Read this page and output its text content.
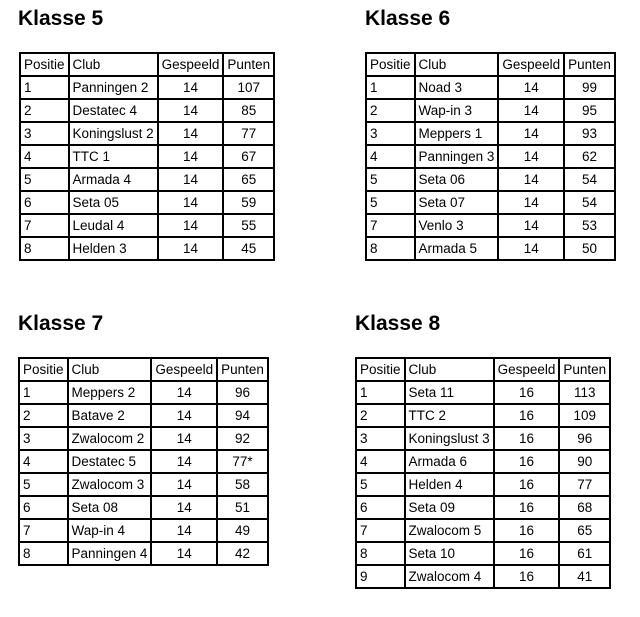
Klasse 5
Positie	Club	Gespeeld	Punten
1	Panningen 2	14	107
2	Destatec 4	14	85
3	Koningslust 2	14	77
4	TTC 1	14	67
5	Armada 4	14	65
6	Seta 05	14	59
7	Leudal 4	14	55
8	Helden 3	14	45
Klasse 6
Positie	Club	Gespeeld	Punten
1	Noad 3	14	99
2	Wap-in 3	14	95
3	Meppers 1	14	93
4	Panningen 3	14	62
5	Seta 06	14	54
5	Seta 07	14	54
7	Venlo 3	14	53
8	Armada 5	14	50
Klasse 7
Positie	Club	Gespeeld	Punten
1	Meppers 2	14	96
2	Batave 2	14	94
3	Zwalocom 2	14	92
4	Destatec 5	14	77*
5	Zwalocom 3	14	58
6	Seta 08	14	51
7	Wap-in 4	14	49
8	Panningen 4	14	42
Klasse 8
Positie	Club	Gespeeld	Punten
1	Seta 11	16	113
2	TTC 2	16	109
3	Koningslust 3	16	96
4	Armada 6	16	90
5	Helden 4	16	77
6	Seta 09	16	68
7	Zwalocom 5	16	65
8	Seta 10	16	61
9	Zwalocom 4	16	41
